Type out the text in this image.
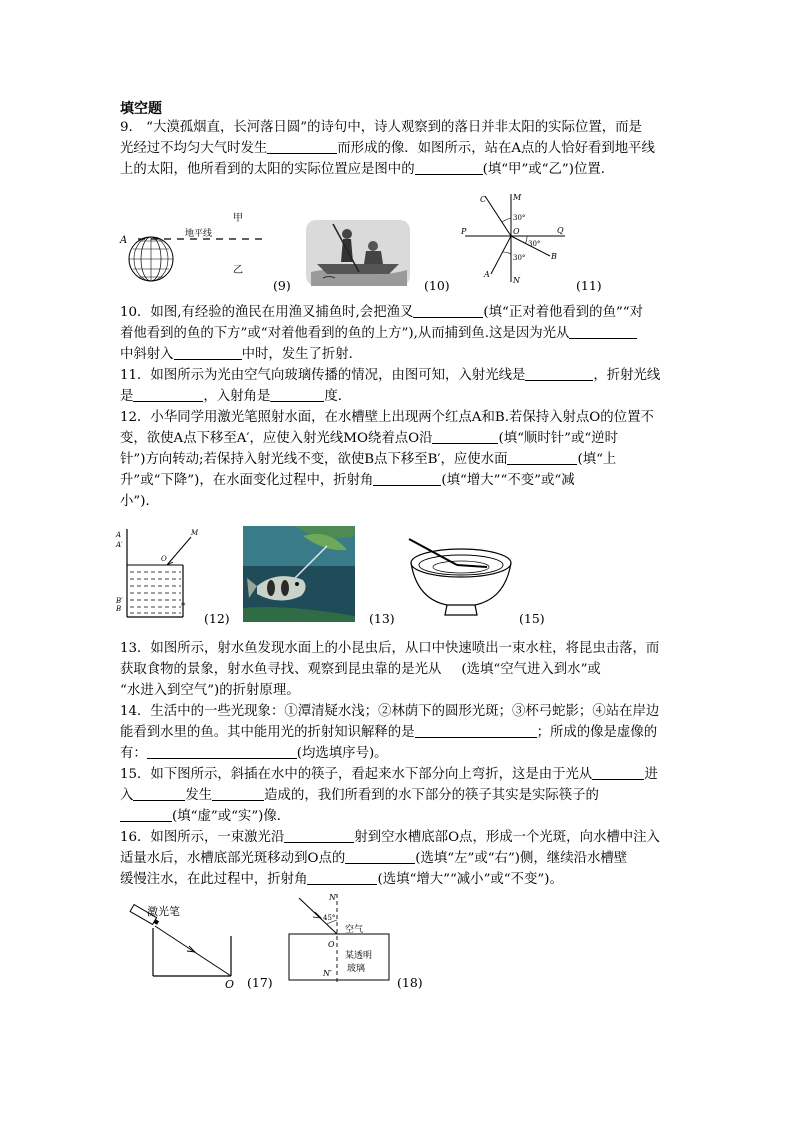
填空题
9.　“大漠孤烟直，长河落日圆”的诗句中，诗人观察到的落日并非太阳的实际位置，而是
光经过不均匀大气时发生	而形成的像．如图所示，站在A点的人恰好看到地平线
上的太阳，他所看到的太阳的实际位置应是图中的	(填“甲”或“乙”)位置．
A
地平线
甲
乙
(9)	(10)
C	M
P	O	Q
A
N
B
30°
30°
30°
(11)
10．如图,有经验的渔民在用渔叉捕鱼时,会把渔叉	(填“正对着他看到的鱼”“对
着他看到的鱼的下方”或“对着他看到的鱼的上方”),从而捕到鱼.这是因为光从
中斜射入	中时，发生了折射．
11．如图所示为光由空气向玻璃传播的情况，由图可知，入射光线是	，折射光线
是	，入射角是	度．
12．小华同学用激光笔照射水面，在水槽壁上出现两个红点A和B.若保持入射点O的位置不
变，欲使A点下移至A′，应使入射光线MO绕着点O沿	(填“顺时针”或“逆时
针”)方向转动;若保持入射光线不变，欲使B点下移至B′，应使水面	(填“上
升”或“下降”)，在水面变化过程中，折射角	(填“增大”“不变”或“减
小”)．
A
A′
O
M
B′
B	*
(12)	(13)	(15)
13．如图所示，射水鱼发现水面上的小昆虫后，从口中快速喷出一束水柱，将昆虫击落，而
获取食物的景象，射水鱼寻找、观察到昆虫靠的是光从 (选填“空气进入到水”或
“水进入到空气”)的折射原理。
14．生活中的一些光现象：①潭清疑水浅；②林荫下的圆形光斑；③杯弓蛇影；④站在岸边
能看到水里的鱼。其中能用光的折射知识解释的是	；所成的像是虚像的
有：	(均选填序号)。
15．如下图所示，斜插在水中的筷子，看起来水下部分向上弯折，这是由于光从	进
入	发生	造成的，我们所看到的水下部分的筷子其实是实际筷子的
(填“虚”或“实”)像．
16．如图所示，一束激光沿	射到空水槽底部O点，形成一个光斑，向水槽中注入
适量水后，水槽底部光斑移动到O点的	(选填“左”或“右”)侧，继续沿水槽壁
缓慢注水，在此过程中，折射角	(选填“增大”“减小”或“不变”)。
激光笔
O (17)
N
N′
45°
O
空气
某透明
玻璃
(18)
